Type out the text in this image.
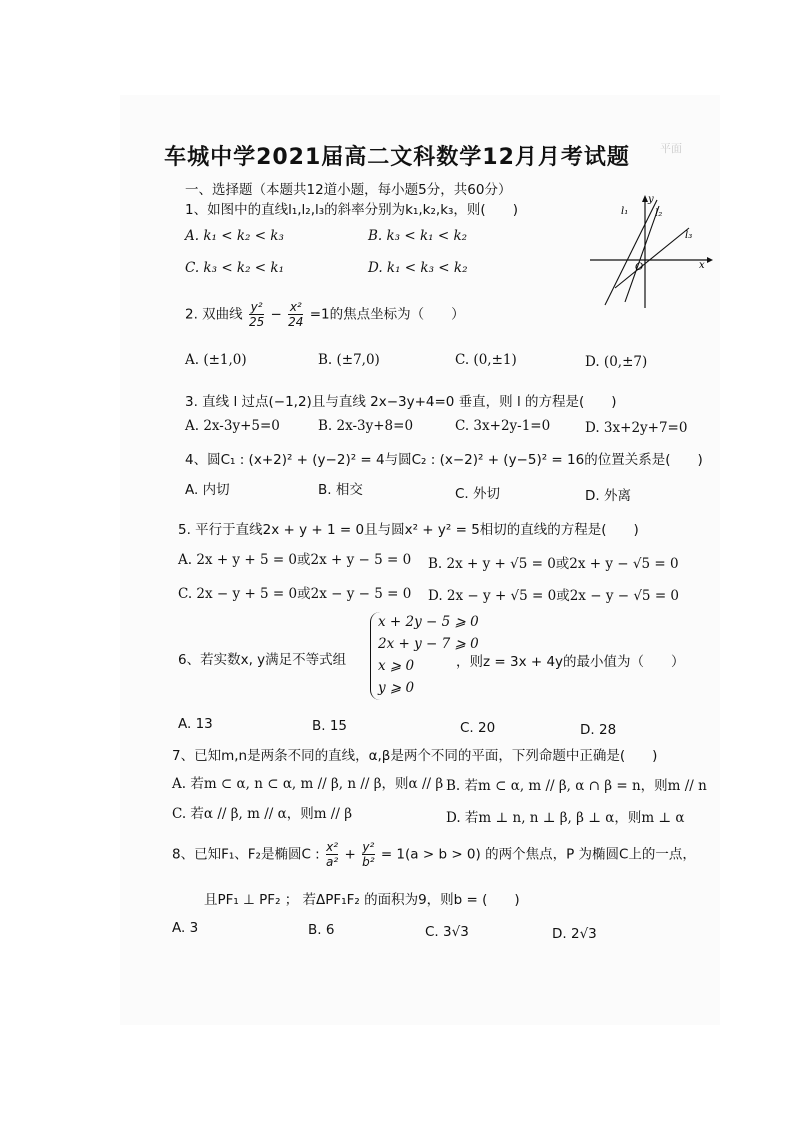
平面
车城中学2021届高二文科数学12月月考试题
一、选择题（本题共12道小题，每小题5分，共60分）
1、如图中的直线l₁,l₂,l₃的斜率分别为k₁,k₂,k₃，则(　　)
A. k₁ < k₂ < k₃	B. k₃ < k₁ < k₂
C. k₃ < k₂ < k₁	D. k₁ < k₃ < k₂
y
x
O
l₁	l₂
l₃
2. 双曲线 $\frac{\text{y²}}{25} - \frac{\text{x²}}{24} =1$的焦点坐标为（　　）
A. (±1,0)	B. (±7,0)	C. (0,±1)	D. (0,±7)
3. 直线 l 过点(−1,2)且与直线 2x−3y+4=0 垂直，则 l 的方程是(　　)
A. 2x-3y+5=0	B. 2x-3y+8=0	C. 3x+2y-1=0	D. 3x+2y+7=0
4、圆C₁ : (x+2)² + (y−2)² = 4与圆C₂ : (x−2)² + (y−5)² = 16的位置关系是(　　)
A. 内切	B. 相交	C. 外切	D. 外离
5. 平行于直线2x + y + 1 = 0且与圆x² + y² = 5相切的直线的方程是(　　)
A. 2x + y + 5 = 0或2x + y − 5 = 0 B. 2x + y + √5 = 0或2x + y − √5 = 0
C. 2x − y + 5 = 0或2x − y − 5 = 0 D. 2x − y + √5 = 0或2x − y − √5 = 0
6、若实数x, y满足不等式组
x + 2y − 5 ⩾ 0
2x + y − 7 ⩾ 0
x ⩾ 0
y ⩾ 0
，则z = 3x + 4y的最小值为（　　）
A. 13	B. 15	C. 20	D. 28
7、已知m,n是两条不同的直线，α,β是两个不同的平面，下列命题中正确是(　　)
A. 若m ⊂ α, n ⊂ α, m // β, n // β，则α // β B. 若m ⊂ α, m // β, α ∩ β = n，则m // n
C. 若α // β, m // α，则m // β	D. 若m ⊥ n, n ⊥ β, β ⊥ α，则m ⊥ α
8、已知F₁、F₂是椭圆C : $\frac{\text{x²}}{\text{a²}} + \frac{\text{y²}}{\text{b²}} = 1(a > b > 0)$ 的两个焦点，P 为椭圆C上的一点，
且PF₁ ⊥ PF₂ ； 若ΔPF₁F₂ 的面积为9，则b = (　　)
A. 3	B. 6	C. 3√3	D. 2√3
